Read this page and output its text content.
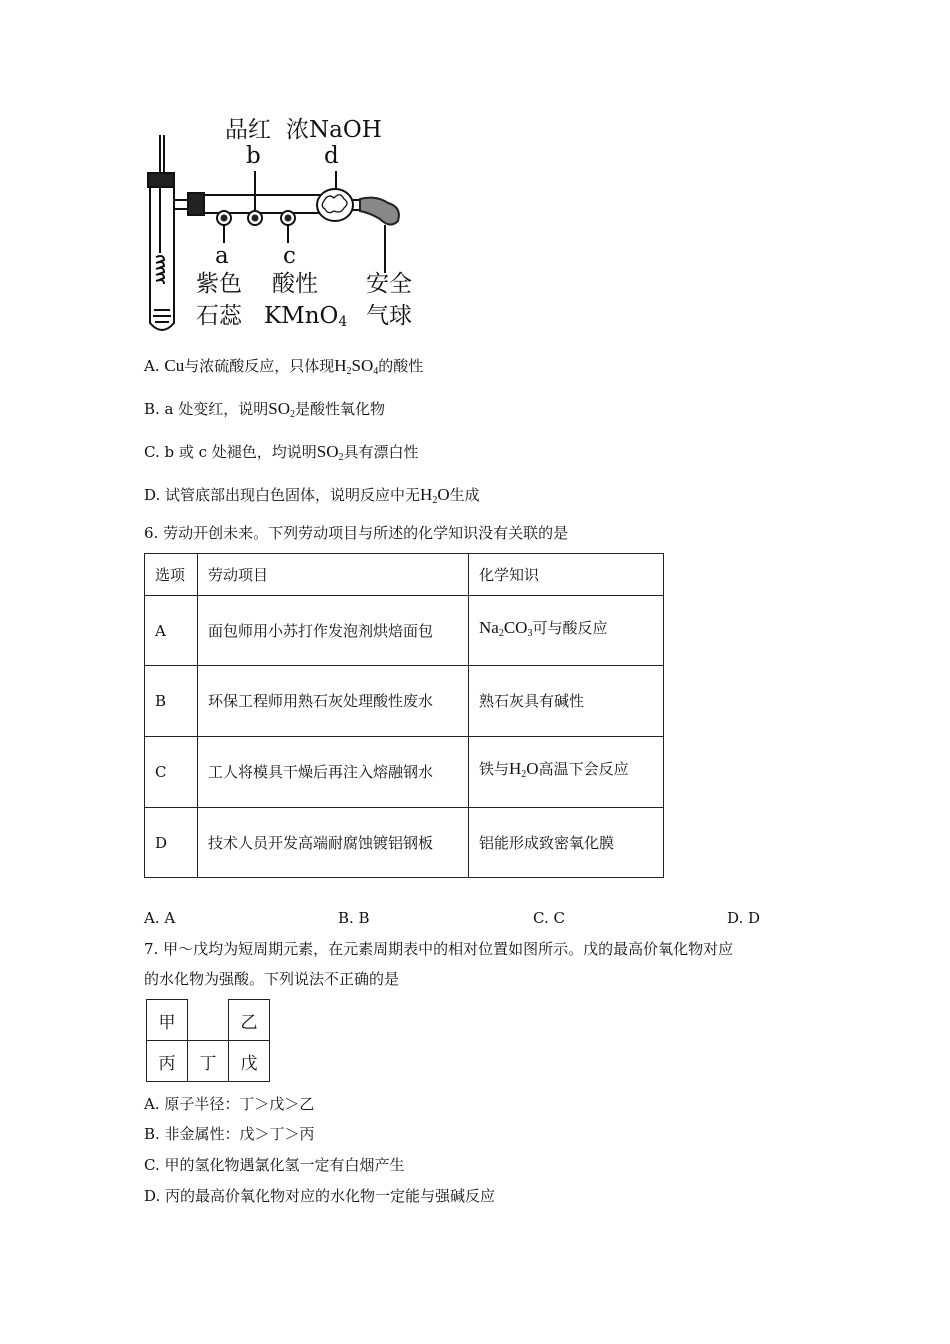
品红 浓NaOH
b	d
a c
紫色
石蕊
酸性
KMnO$_4$
安全
气球
A. Cu与浓硫酸反应，只体现$H_2SO_4$的酸性
B. a 处变红，说明$SO_2$是酸性氧化物
C. b 或 c 处褪色，均说明$SO_2$具有漂白性
D. 试管底部出现白色固体，说明反应中无$H_2O$生成
6. 劳动开创未来。下列劳动项目与所述的化学知识没有关联的是
选项	劳动项目	化学知识
A	面包师用小苏打作发泡剂烘焙面包	$Na_2CO_3$可与酸反应
B	环保工程师用熟石灰处理酸性废水	熟石灰具有碱性
C	工人将模具干燥后再注入熔融钢水	铁与$H_2O$高温下会反应
D	技术人员开发高端耐腐蚀镀铝钢板	铝能形成致密氧化膜
A. A	B. B	C. C	D. D
7. 甲～戊均为短周期元素，在元素周期表中的相对位置如图所示。戊的最高价氧化物对应
的水化物为强酸。下列说法不正确的是
甲		乙
丙	丁	戊
A. 原子半径：丁＞戊＞乙
B. 非金属性：戊＞丁＞丙
C. 甲的氢化物遇氯化氢一定有白烟产生
D. 丙的最高价氧化物对应的水化物一定能与强碱反应
